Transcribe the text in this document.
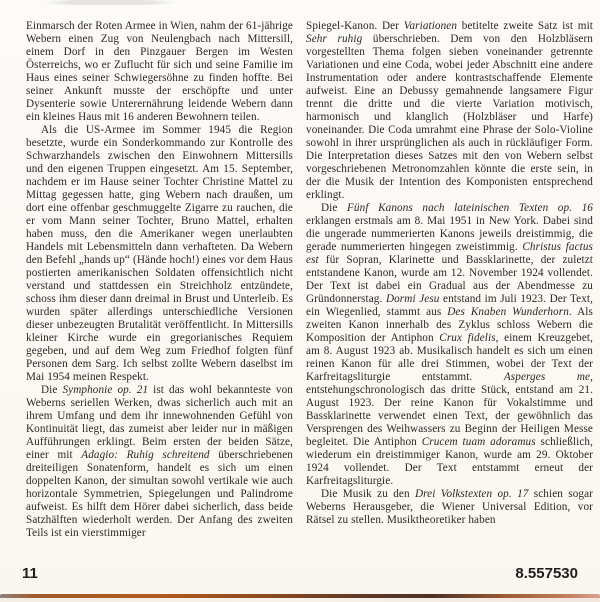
Einmarsch der Roten Armee in Wien, nahm der 61-jährige Webern einen Zug von Neulengbach nach Mittersill, einem Dorf in den Pinzgauer Bergen im Westen Österreichs, wo er Zuflucht für sich und seine Familie im Haus eines seiner Schwiegersöhne zu finden hoffte. Bei seiner Ankunft musste der erschöpfte und unter Dysenterie sowie Unterernährung leidende Webern dann ein kleines Haus mit 16 anderen Bewohnern teilen.

Als die US-Armee im Sommer 1945 die Region besetzte, wurde ein Sonderkommando zur Kontrolle des Schwarzhandels zwischen den Einwohnern Mittersills und den eigenen Truppen eingesetzt. Am 15. September, nachdem er im Hause seiner Tochter Christine Mattel zu Mittag gegessen hatte, ging Webern nach draußen, um dort eine offenbar geschmuggelte Zigarre zu rauchen, die er vom Mann seiner Tochter, Bruno Mattel, erhalten haben muss, den die Amerikaner wegen unerlaubten Handels mit Lebensmitteln dann verhafteten. Da Webern den Befehl „hands up“ (Hände hoch!) eines vor dem Haus postierten amerikanischen Soldaten offensichtlich nicht verstand und stattdessen ein Streichholz entzündete, schoss ihm dieser dann dreimal in Brust und Unterleib. Es wurden später allerdings unterschiedliche Versionen dieser unbezeugten Brutalität veröffentlicht. In Mittersills kleiner Kirche wurde ein gregorianisches Requiem gegeben, und auf dem Weg zum Friedhof folgten fünf Personen dem Sarg. Ich selbst zollte Webern daselbst im Mai 1954 meinen Respekt.

Die Symphonie op. 21 ist das wohl bekannteste von Weberns seriellen Werken, dwas sicherlich auch mit an ihrem Umfang und dem ihr innewohnenden Gefühl von Kontinuität liegt, das zumeist aber leider nur in mäßigen Aufführungen erklingt. Beim ersten der beiden Sätze, einer mit Adagio: Ruhig schreitend überschriebenen dreiteiligen Sonatenform, handelt es sich um einen doppelten Kanon, der simultan sowohl vertikale wie auch horizontale Symmetrien, Spiegelungen und Palindrome aufweist. Es hilft dem Hörer dabei sicherlich, dass beide Satzhälften wiederholt werden. Der Anfang des zweiten Teils ist ein vierstimmiger

Spiegel-Kanon. Der Variationen betitelte zweite Satz ist mit Sehr ruhig überschrieben. Dem von den Holzbläsern vorgestellten Thema folgen sieben voneinander getrennte Variationen und eine Coda, wobei jeder Abschnitt eine andere Instrumentation oder andere kontrastschaffende Elemente aufweist. Eine an Debussy gemahnende langsamere Figur trennt die dritte und die vierte Variation motivisch, harmonisch und klanglich (Holzbläser und Harfe) voneinander. Die Coda umrahmt eine Phrase der Solo-Violine sowohl in ihrer ursprünglichen als auch in rückläufiger Form. Die Interpretation dieses Satzes mit den von Webern selbst vorgeschriebenen Metronomzahlen könnte die erste sein, in der die Musik der Intention des Komponisten entsprechend erklingt.

Die Fünf Kanons nach lateinischen Texten op. 16 erklangen erstmals am 8. Mai 1951 in New York. Dabei sind die ungerade nummerierten Kanons jeweils dreistimmig, die gerade nummerierten hingegen zweistimmig. Christus factus est für Sopran, Klarinette und Bassklarinette, der zuletzt entstandene Kanon, wurde am 12. November 1924 vollendet. Der Text ist dabei ein Gradual aus der Abendmesse zu Gründonnerstag. Dormi Jesu entstand im Juli 1923. Der Text, ein Wiegenlied, stammt aus Des Knaben Wunderhorn. Als zweiten Kanon innerhalb des Zyklus schloss Webern die Komposition der Antiphon Crux fidelis, einem Kreuzgebet, am 8. August 1923 ab. Musikalisch handelt es sich um einen reinen Kanon für alle drei Stimmen, wobei der Text der Karfreitagsliturgie entstammt. Asperges me, entstehungschronologisch das dritte Stück, entstand am 21. August 1923. Der reine Kanon für Vokalstimme und Bassklarinette verwendet einen Text, der gewöhnlich das Versprengen des Weihwassers zu Beginn der Heiligen Messe begleitet. Die Antiphon Crucem tuam adoramus schließlich, wiederum ein dreistimmiger Kanon, wurde am 29. Oktober 1924 vollendet. Der Text entstammt erneut der Karfreitagsliturgie.

Die Musik zu den Drei Volkstexten op. 17 schien sogar Weberns Herausgeber, die Wiener Universal Edition, vor Rätsel zu stellen. Musiktheoretiker haben

11	8.557530
